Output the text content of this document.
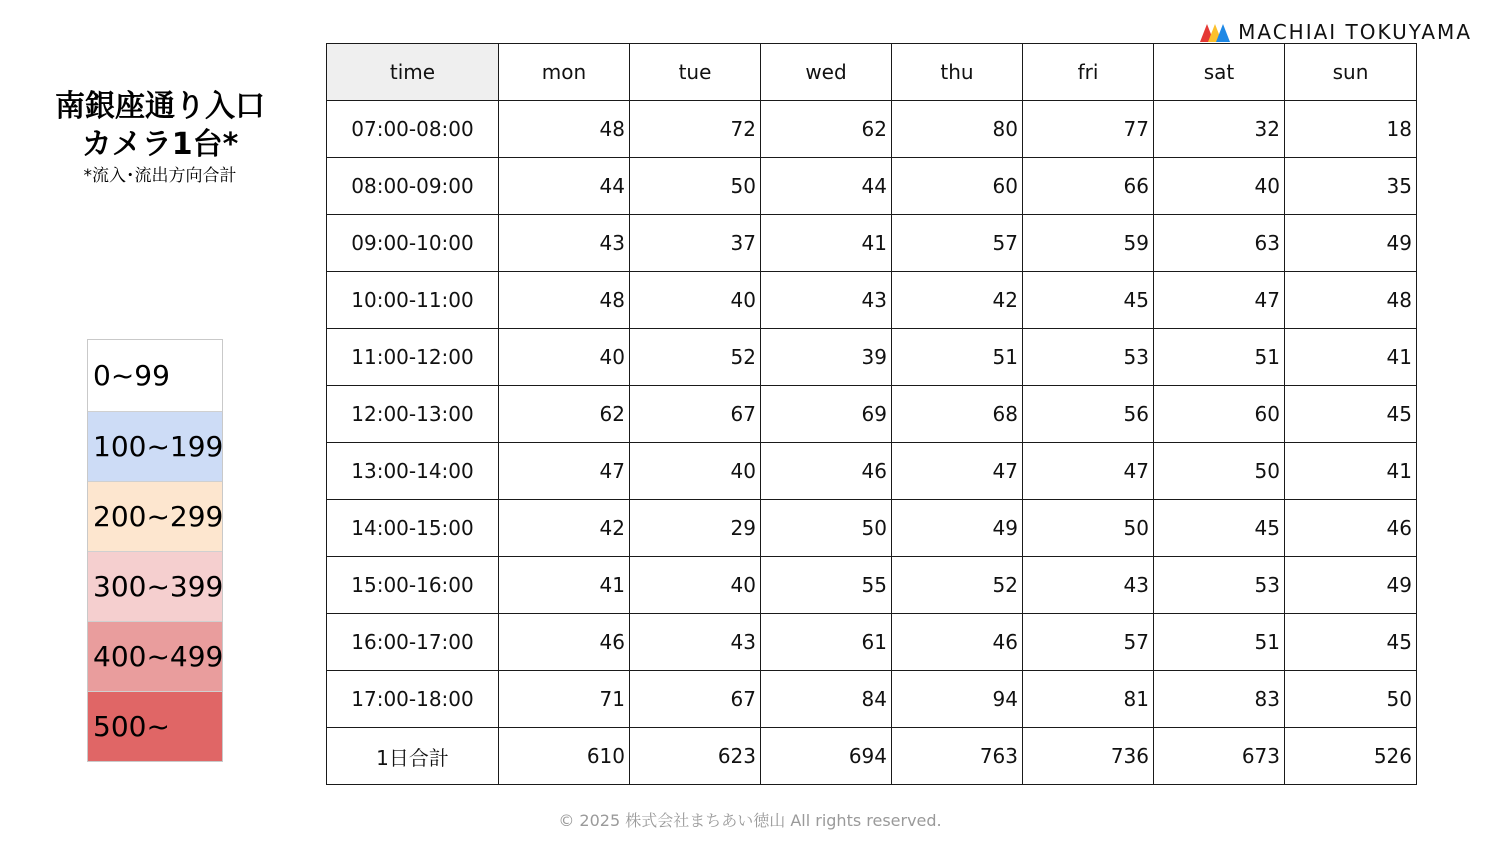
MACHIAI TOKUYAMA
南銀座通り入口
カメラ1台*
*流入･流出方向合計
0~99
100~199
200~299
300~399
400~499
500~
time	mon	tue	wed	thu	fri	sat	sun
07:00-08:00	48	72	62	80	77	32	18
08:00-09:00	44	50	44	60	66	40	35
09:00-10:00	43	37	41	57	59	63	49
10:00-11:00	48	40	43	42	45	47	48
11:00-12:00	40	52	39	51	53	51	41
12:00-13:00	62	67	69	68	56	60	45
13:00-14:00	47	40	46	47	47	50	41
14:00-15:00	42	29	50	49	50	45	46
15:00-16:00	41	40	55	52	43	53	49
16:00-17:00	46	43	61	46	57	51	45
17:00-18:00	71	67	84	94	81	83	50
1日合計	610	623	694	763	736	673	526
© 2025 株式会社まちあい徳山 All rights reserved.
